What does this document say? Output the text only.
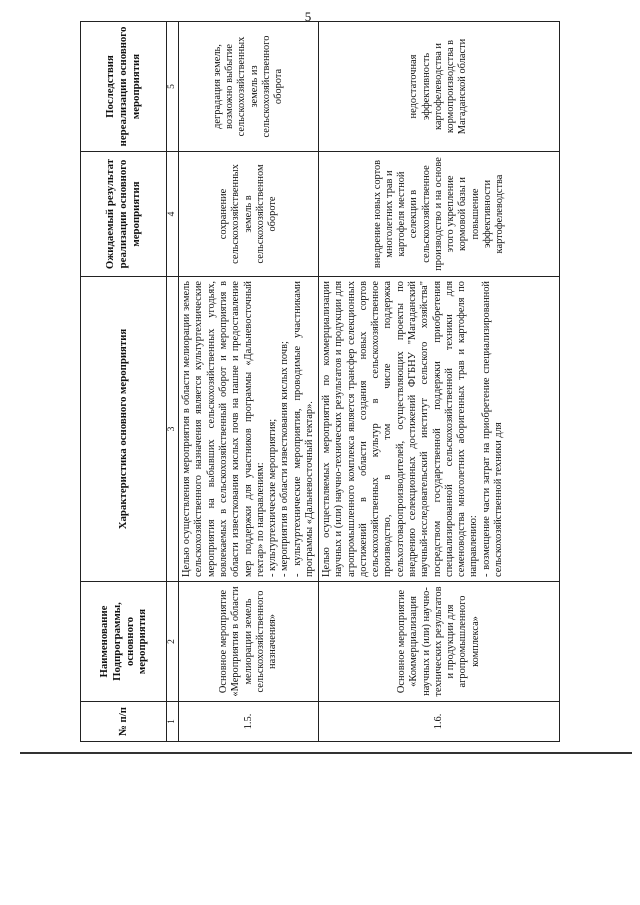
5
№ п/п	Наименование Подпрограммы, основного мероприятия	Характеристика основного мероприятия	Ожидаемый результат реализации основного мероприятия	Последствия нереализации основного мероприятия
1	2	3	4	5
1.5.	Основное мероприятие «Мероприятия в области мелиорации земель сельскохозяйственного назначения»	Целью осуществления мероприятия в области мелиорации земель сельскохозяйственного назначения является культуртехнические мероприятия на выбывших сельскохозяйственных угодьях, вовлекаемых в сельскохозяйственный оборот и мероприятия в области известкования кислых почв на пашне и предоставление мер поддержки для участников программы «Дальневосточный гектар» по направлениям: - культуртехнические мероприятия; - мероприятия в области известкования кислых почв; - культуртехнические мероприятия, проводимые участниками программы «Дальневосточный гектар».	сохранение сельскохозяйственных земель в сельскохозяйственном обороте	деградация земель, возможно выбытие сельскохозяйственных земель из сельскохозяйственного оборота
1.6.	Основное мероприятие «Коммерциализация научных и (или) научно-технических результатов и продукции для агропромышленного комплекса»	Целью осуществляемых мероприятий по коммерциализации научных и (или) научно-технических результатов и продукции для агропромышленного комплекса является трансфер селекционных достижений в области создания новых сортов сельскохозяйственных культур в сельскохозяйственное производство, в том числе поддержка сельхозтоваропроизводителей, осуществляющих проекты по внедрению селекционных достижений ФГБНУ "Магаданский научный-исследовательский институт сельского хозяйства" посредством государственной поддержки приобретения специализированной сельскохозяйственной техники для семеноводства многолетних аборигенных трав и картофеля по направлению: - возмещение части затрат на приобретение специализированной сельскохозяйственной техники для	внедрение новых сортов многолетних трав и картофеля местной селекции в сельскохозяйственное производство и на основе этого укрепление кормовой базы и повышение эффективности картофелеводства	недостаточная эффективность картофелеводства и кормопроизводства в Магаданской области
